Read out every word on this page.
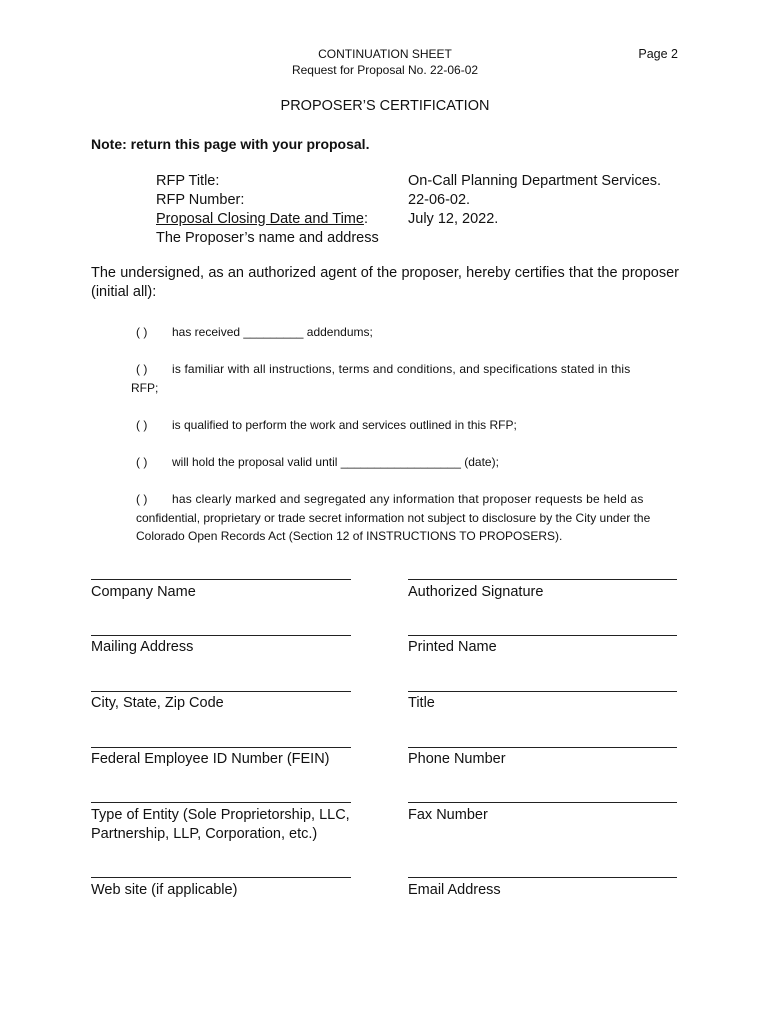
CONTINUATION SHEET
Request for Proposal No. 22-06-02
Page 2
PROPOSER’S CERTIFICATION
Note: return this page with your proposal.
RFP Title:
RFP Number:
Proposal Closing Date and Time:
The Proposer’s name and address
On-Call Planning Department Services.
22-06-02.
July 12, 2022.
The undersigned, as an authorized agent of the proposer, hereby certifies that the proposer (initial all):
( ) has received _________ addendums;
( ) is familiar with all instructions, terms and conditions, and specifications stated in this
RFP;
( ) is qualified to perform the work and services outlined in this RFP;
( ) will hold the proposal valid until __________________ (date);
( ) has clearly marked and segregated any information that proposer requests be held as
confidential, proprietary or trade secret information not subject to disclosure by the City under the
Colorado Open Records Act (Section 12 of INSTRUCTIONS TO PROPOSERS).
Company Name
Mailing Address
City, State, Zip Code
Federal Employee ID Number (FEIN)
Type of Entity (Sole Proprietorship, LLC,
Partnership, LLP, Corporation, etc.)
Web site (if applicable)
Authorized Signature
Printed Name
Title
Phone Number
Fax Number
Email Address
